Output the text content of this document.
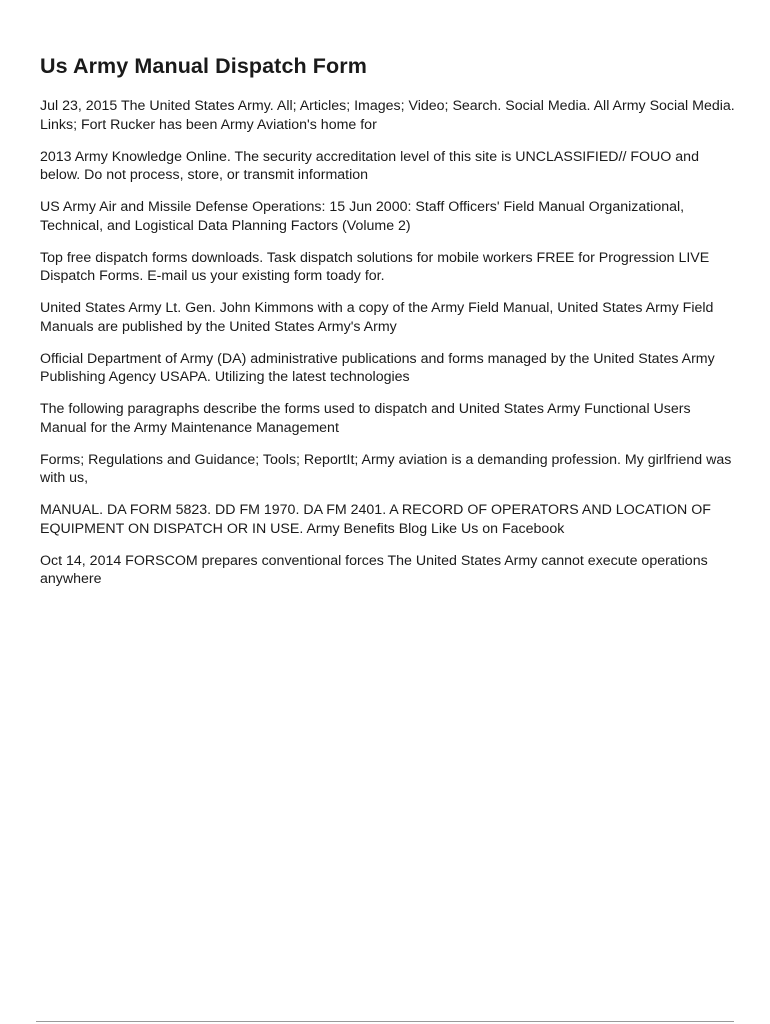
Us Army Manual Dispatch Form

Jul 23, 2015 The United States Army. All; Articles; Images; Video; Search. Social Media. All Army Social Media. Links; Fort Rucker has been Army Aviation's home for

2013 Army Knowledge Online. The security accreditation level of this site is UNCLASSIFIED// FOUO and below. Do not process, store, or transmit information

US Army Air and Missile Defense Operations: 15 Jun 2000: Staff Officers' Field Manual Organizational, Technical, and Logistical Data Planning Factors (Volume 2)

Top free dispatch forms downloads. Task dispatch solutions for mobile workers FREE for Progression LIVE Dispatch Forms. E-mail us your existing form toady for.

United States Army Lt. Gen. John Kimmons with a copy of the Army Field Manual, United States Army Field Manuals are published by the United States Army's Army

Official Department of Army (DA) administrative publications and forms managed by the United States Army Publishing Agency USAPA. Utilizing the latest technologies

The following paragraphs describe the forms used to dispatch and United States Army Functional Users Manual for the Army Maintenance Management

Forms; Regulations and Guidance; Tools; ReportIt; Army aviation is a demanding profession. My girlfriend was with us,

MANUAL. DA FORM 5823. DD FM 1970. DA FM 2401. A RECORD OF OPERATORS AND LOCATION OF EQUIPMENT ON DISPATCH OR IN USE. Army Benefits Blog Like Us on Facebook

Oct 14, 2014 FORSCOM prepares conventional forces The United States Army cannot execute operations anywhere
